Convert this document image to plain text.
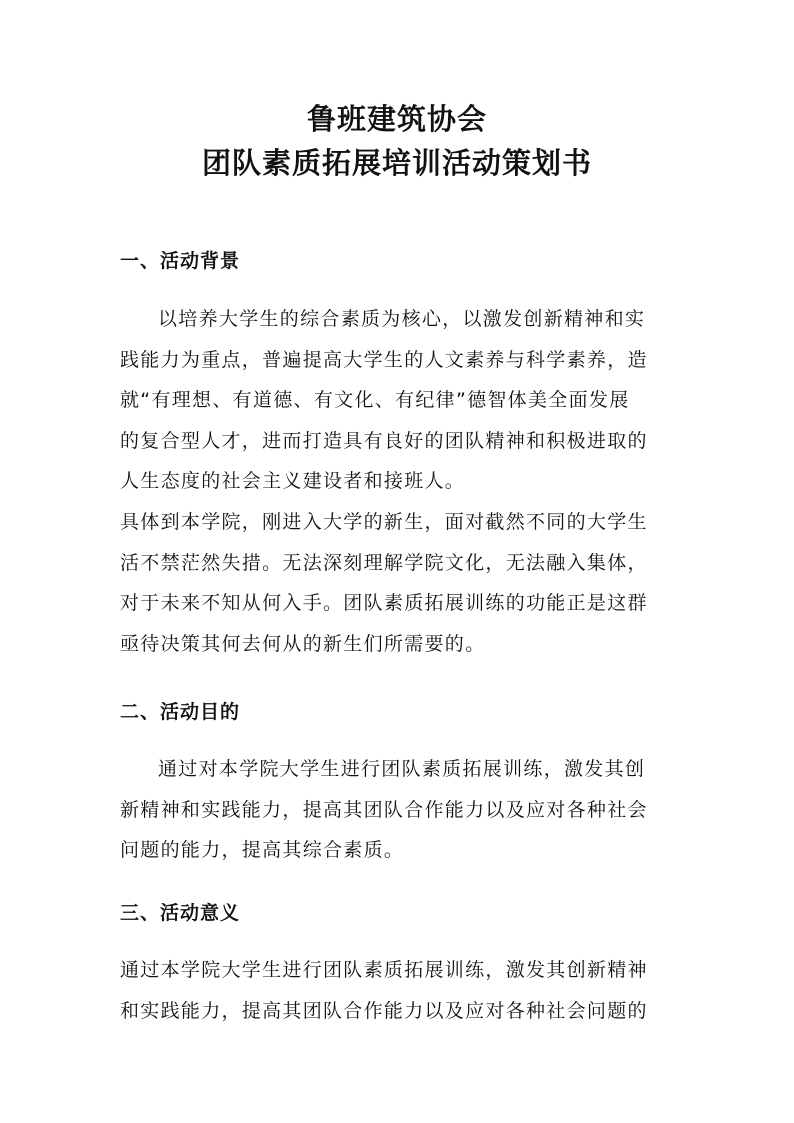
鲁班建筑协会
团队素质拓展培训活动策划书
一、活动背景
以培养大学生的综合素质为核心，以激发创新精神和实
践能力为重点，普遍提高大学生的人文素养与科学素养，造
就“有理想、有道德、有文化、有纪律”德智体美全面发展
的复合型人才，进而打造具有良好的团队精神和积极进取的
人生态度的社会主义建设者和接班人。
具体到本学院，刚进入大学的新生，面对截然不同的大学生
活不禁茫然失措。无法深刻理解学院文化，无法融入集体，
对于未来不知从何入手。团队素质拓展训练的功能正是这群
亟待决策其何去何从的新生们所需要的。
二、活动目的
通过对本学院大学生进行团队素质拓展训练，激发其创
新精神和实践能力，提高其团队合作能力以及应对各种社会
问题的能力，提高其综合素质。
三、活动意义
通过本学院大学生进行团队素质拓展训练，激发其创新精神
和实践能力，提高其团队合作能力以及应对各种社会问题的
